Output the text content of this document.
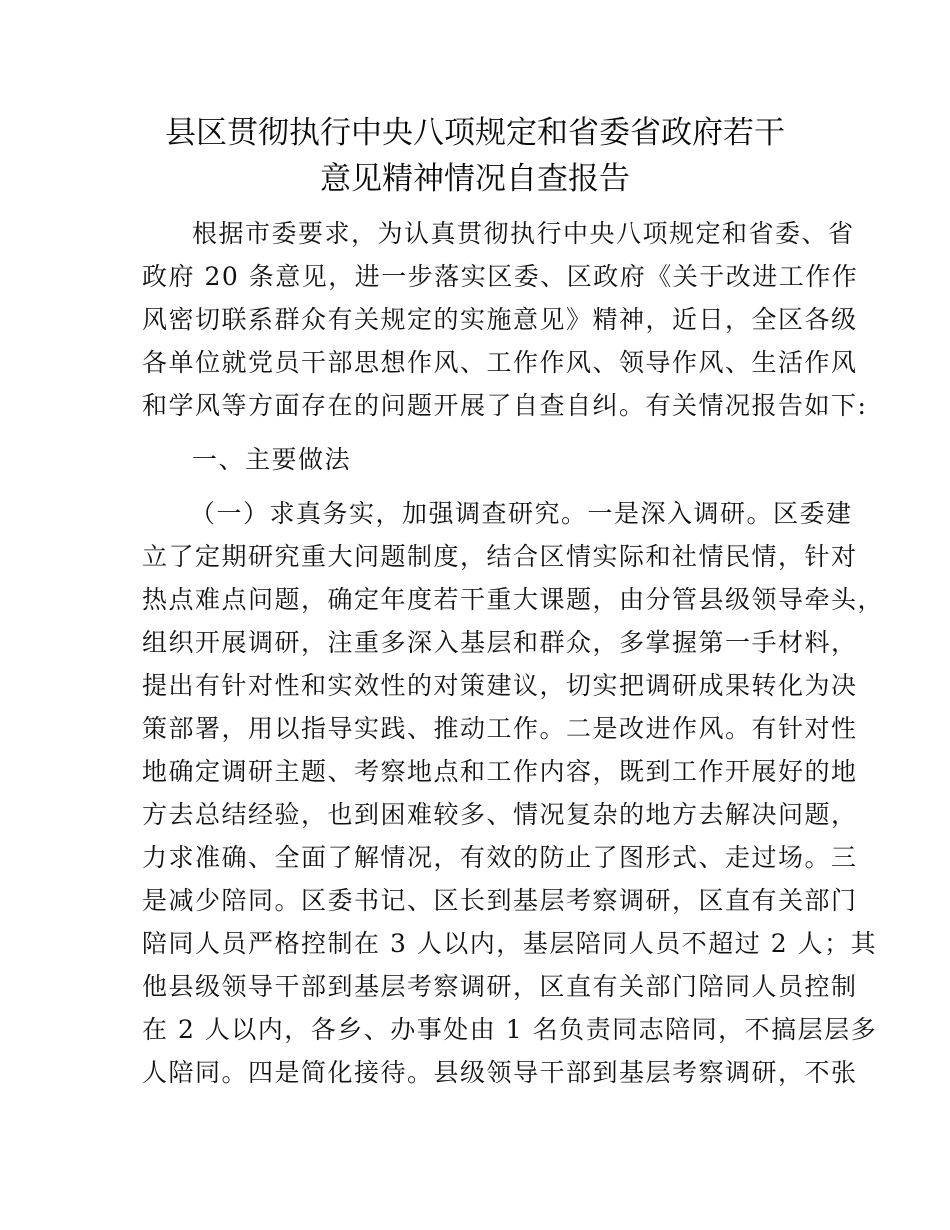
县区贯彻执行中央八项规定和省委省政府若干
意见精神情况自查报告

根据市委要求，为认真贯彻执行中央八项规定和省委、省

政府 20 条意见，进一步落实区委、区政府《关于改进工作作

风密切联系群众有关规定的实施意见》精神，近日，全区各级

各单位就党员干部思想作风、工作作风、领导作风、生活作风

和学风等方面存在的问题开展了自查自纠。有关情况报告如下:

一、主要做法

（一）求真务实，加强调查研究。一是深入调研。区委建

立了定期研究重大问题制度，结合区情实际和社情民情，针对

热点难点问题，确定年度若干重大课题，由分管县级领导牵头，

组织开展调研，注重多深入基层和群众，多掌握第一手材料，

提出有针对性和实效性的对策建议，切实把调研成果转化为决

策部署，用以指导实践、推动工作。二是改进作风。有针对性

地确定调研主题、考察地点和工作内容，既到工作开展好的地

方去总结经验，也到困难较多、情况复杂的地方去解决问题，

力求准确、全面了解情况，有效的防止了图形式、走过场。三

是减少陪同。区委书记、区长到基层考察调研，区直有关部门

陪同人员严格控制在 3 人以内，基层陪同人员不超过 2 人；其

他县级领导干部到基层考察调研，区直有关部门陪同人员控制

在 2 人以内，各乡、办事处由 1 名负责同志陪同，不搞层层多

人陪同。四是简化接待。县级领导干部到基层考察调研，不张
